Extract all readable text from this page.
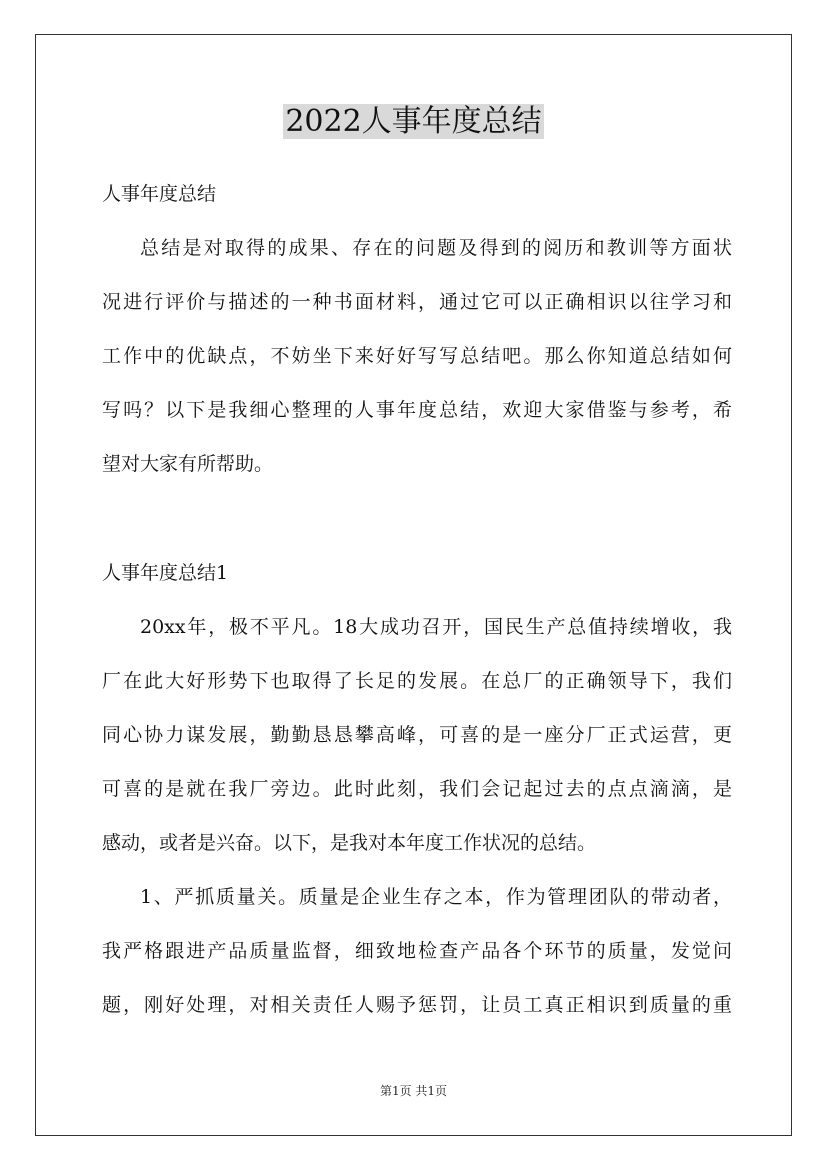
2022人事年度总结
人事年度总结
总结是对取得的成果、存在的问题及得到的阅历和教训等方面状
况进行评价与描述的一种书面材料，通过它可以正确相识以往学习和
工作中的优缺点，不妨坐下来好好写写总结吧。那么你知道总结如何
写吗？以下是我细心整理的人事年度总结，欢迎大家借鉴与参考，希
望对大家有所帮助。
人事年度总结1
20xx年，极不平凡。18大成功召开，国民生产总值持续增收，我
厂在此大好形势下也取得了长足的发展。在总厂的正确领导下，我们
同心协力谋发展，勤勤恳恳攀高峰，可喜的是一座分厂正式运营，更
可喜的是就在我厂旁边。此时此刻，我们会记起过去的点点滴滴，是
感动，或者是兴奋。以下，是我对本年度工作状况的总结。
1、严抓质量关。质量是企业生存之本，作为管理团队的带动者，
我严格跟进产品质量监督，细致地检查产品各个环节的质量，发觉问
题，刚好处理，对相关责任人赐予惩罚，让员工真正相识到质量的重
第1页 共1页
